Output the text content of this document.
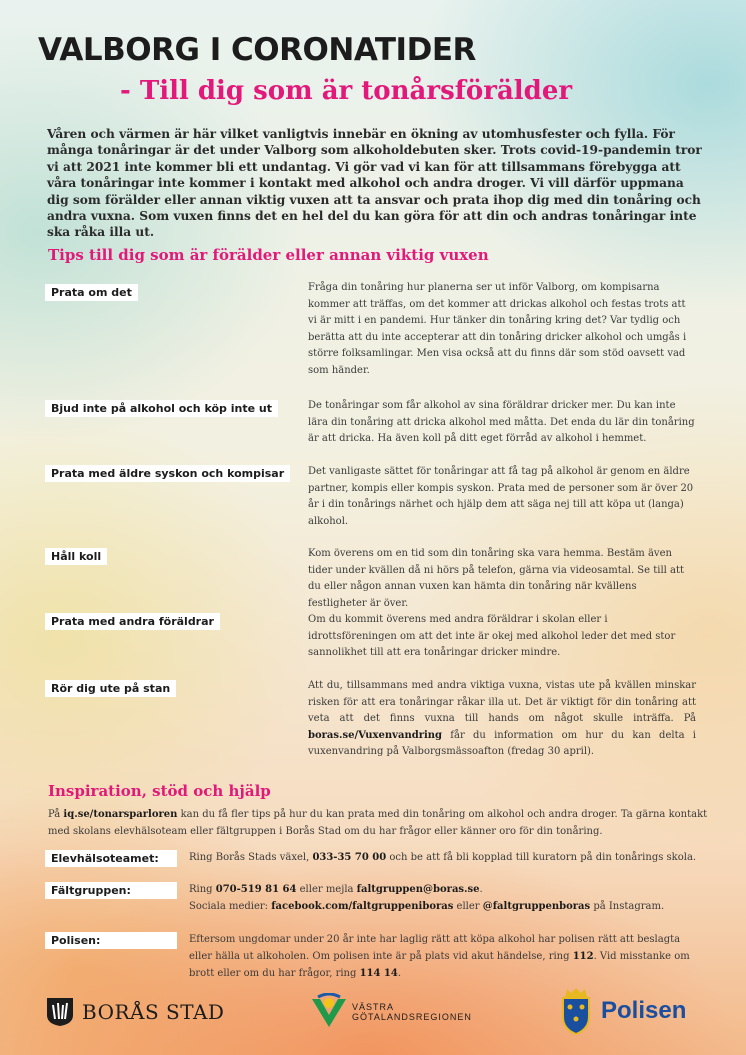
VALBORG I CORONATIDER
- Till dig som är tonårsförälder

Våren och värmen är här vilket vanligtvis innebär en ökning av utomhusfester och fylla. För många tonåringar är det under Valborg som alkoholdebuten sker. Trots covid-19-pandemin tror vi att 2021 inte kommer bli ett undantag. Vi gör vad vi kan för att tillsammans förebygga att våra tonåringar inte kommer i kontakt med alkohol och andra droger. Vi vill därför uppmana dig som förälder eller annan viktig vuxen att ta ansvar och prata ihop dig med din tonåring och andra vuxna. Som vuxen finns det en hel del du kan göra för att din och andras tonåringar inte ska råka illa ut.

Tips till dig som är förälder eller annan viktig vuxen
Prata om det	Fråga din tonåring hur planerna ser ut inför Valborg, om kompisarna kommer att träffas, om det kommer att drickas alkohol och festas trots att vi är mitt i en pandemi. Hur tänker din tonåring kring det? Var tydlig och berätta att du inte accepterar att din tonåring dricker alkohol och umgås i större folksamlingar. Men visa också att du finns där som stöd oavsett vad som händer.

Bjud inte på alkohol och köp inte ut	De tonåringar som får alkohol av sina föräldrar dricker mer. Du kan inte lära din tonåring att dricka alkohol med måtta. Det enda du lär din tonåring är att dricka. Ha även koll på ditt eget förråd av alkohol i hemmet.

Prata med äldre syskon och kompisar	Det vanligaste sättet för tonåringar att få tag på alkohol är genom en äldre partner, kompis eller kompis syskon. Prata med de personer som är över 20 år i din tonårings närhet och hjälp dem att säga nej till att köpa ut (langa) alkohol.

Håll koll	Kom överens om en tid som din tonåring ska vara hemma. Bestäm även tider under kvällen då ni hörs på telefon, gärna via videosamtal. Se till att du eller någon annan vuxen kan hämta din tonåring när kvällens festligheter är över.

Prata med andra föräldrar	Om du kommit överens med andra föräldrar i skolan eller i idrottsföreningen om att det inte är okej med alkohol leder det med stor sannolikhet till att era tonåringar dricker mindre.

Rör dig ute på stan	Att du, tillsammans med andra viktiga vuxna, vistas ute på kvällen minskar risken för att era tonåringar råkar illa ut. Det är viktigt för din tonåring att veta att det finns vuxna till hands om något skulle inträffa. På boras.se/Vuxenvandring får du information om hur du kan delta i vuxenvandring på Valborgsmässoafton (fredag 30 april).

Inspiration, stöd och hjälp

På iq.se/tonarsparloren kan du få fler tips på hur du kan prata med din tonåring om alkohol och andra droger. Ta gärna kontakt med skolans elevhälsoteam eller fältgruppen i Borås Stad om du har frågor eller känner oro för din tonåring.

Elevhälsoteamet:	Ring Borås Stads växel, 033-35 70 00 och be att få bli kopplad till kuratorn på din tonårings skola.

Fältgruppen:	Ring 070-519 81 64 eller mejla faltgruppen@boras.se.
Sociala medier: facebook.com/faltgruppeniboras eller @faltgruppenboras på Instagram.

Polisen:	Eftersom ungdomar under 20 år inte har laglig rätt att köpa alkohol har polisen rätt att beslagta eller hälla ut alkoholen. Om polisen inte är på plats vid akut händelse, ring 112. Vid misstanke om brott eller om du har frågor, ring 114 14.

BORÅS STAD	VÄSTRA
GÖTALANDSREGIONEN	Polisen
